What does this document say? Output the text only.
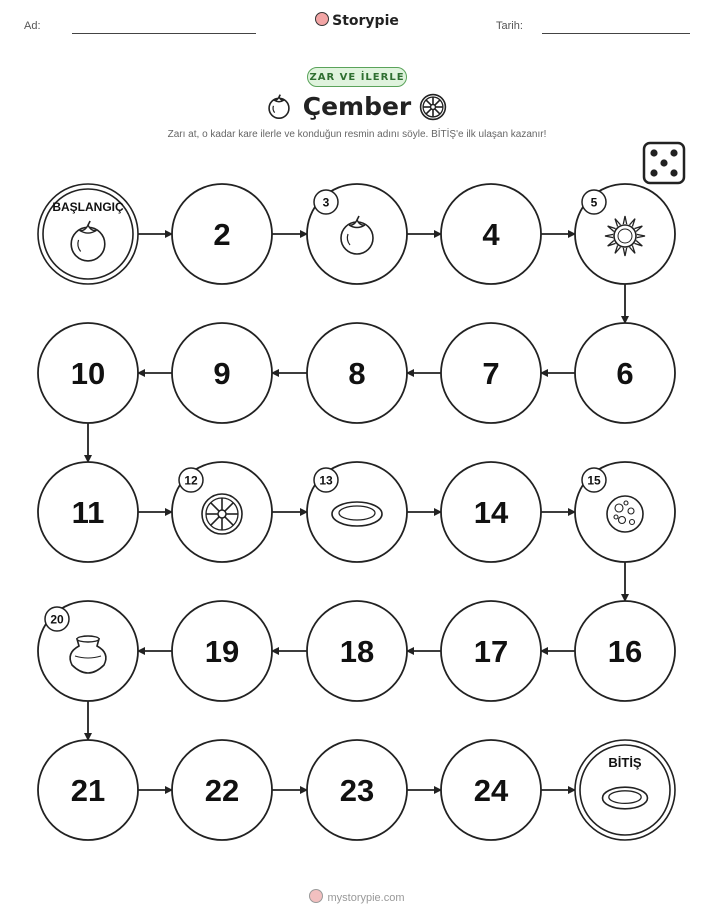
Ad:	Storypie	Tarih:
ZAR VE İLERLE
Çember
Zarı at, o kadar kare ilerle ve konduğun resmin adını söyle. BİTİŞ'e ilk ulaşan kazanır!
BAŞLANGIÇ
2
3
4
5
6
7
8
9
10
11
12	13
14
15
16
17
18
19
20
21	22	23	24
BİTİŞ
mystorypie.com
